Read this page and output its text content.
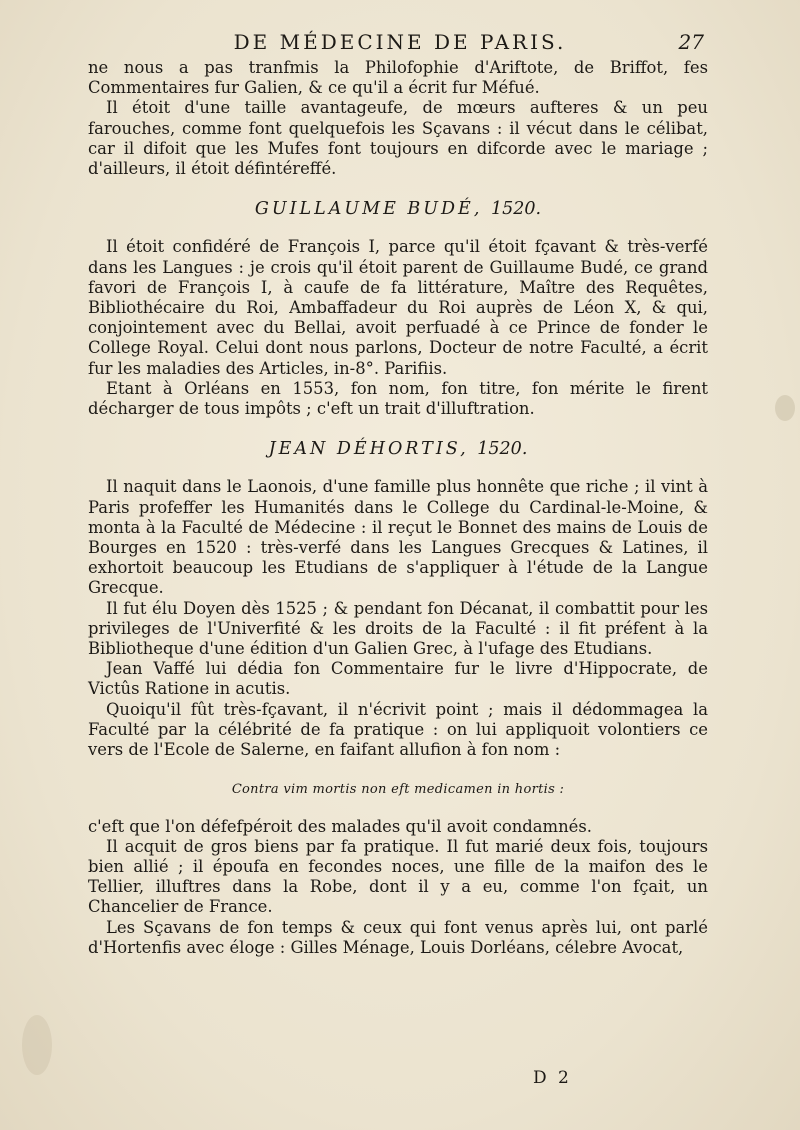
DE MÉDECINE DE PARIS.	27

ne nous a pas tranfmis la Philofophie d'Ariftote, de Briffot, fes Commentaires fur Galien, & ce qu'il a écrit fur Méfué.

Il étoit d'une taille avantageufe, de mœurs aufteres & un peu farouches, comme font quelquefois les Sçavans : il vécut dans le célibat, car il difoit que les Mufes font toujours en difcorde avec le mariage ; d'ailleurs, il étoit défintéreffé.

GUILLAUME BUDÉ, 1520.

Il étoit confidéré de François I, parce qu'il étoit fçavant & très-verfé dans les Langues : je crois qu'il étoit parent de Guillaume Budé, ce grand favori de François I, à caufe de fa littérature, Maître des Requêtes, Bibliothécaire du Roi, Ambaffadeur du Roi auprès de Léon X, & qui, conjointement avec du Bellai, avoit perfuadé à ce Prince de fonder le College Royal. Celui dont nous parlons, Docteur de notre Faculté, a écrit fur les maladies des Articles, in-8°. Parifiis.

Etant à Orléans en 1553, fon nom, fon titre, fon mérite le firent décharger de tous impôts ; c'eft un trait d'illuftration.

JEAN DÉHORTIS, 1520.

Il naquit dans le Laonois, d'une famille plus honnête que riche ; il vint à Paris profeffer les Humanités dans le College du Cardinal-le-Moine, & monta à la Faculté de Médecine : il reçut le Bonnet des mains de Louis de Bourges en 1520 : très-verfé dans les Langues Grecques & Latines, il exhortoit beaucoup les Etudians de s'appliquer à l'étude de la Langue Grecque.

Il fut élu Doyen dès 1525 ; & pendant fon Décanat, il combattit pour les privileges de l'Univerfité & les droits de la Faculté : il fit préfent à la Bibliotheque d'une édition d'un Galien Grec, à l'ufage des Etudians.

Jean Vaffé lui dédia fon Commentaire fur le livre d'Hippocrate, de Victûs Ratione in acutis.

Quoiqu'il fût très-fçavant, il n'écrivit point ; mais il dédommagea la Faculté par la célébrité de fa pratique : on lui appliquoit volontiers ce vers de l'Ecole de Salerne, en faifant allufion à fon nom :

Contra vim mortis non eft medicamen in hortis :

c'eft que l'on défefpéroit des malades qu'il avoit condamnés.

Il acquit de gros biens par fa pratique. Il fut marié deux fois, toujours bien allié ; il époufa en fecondes noces, une fille de la maifon des le Tellier, illuftres dans la Robe, dont il y a eu, comme l'on fçait, un Chancelier de France.

Les Sçavans de fon temps & ceux qui font venus après lui, ont parlé d'Hortenfis avec éloge : Gilles Ménage, Louis Dorléans, célebre Avocat,

D 2
